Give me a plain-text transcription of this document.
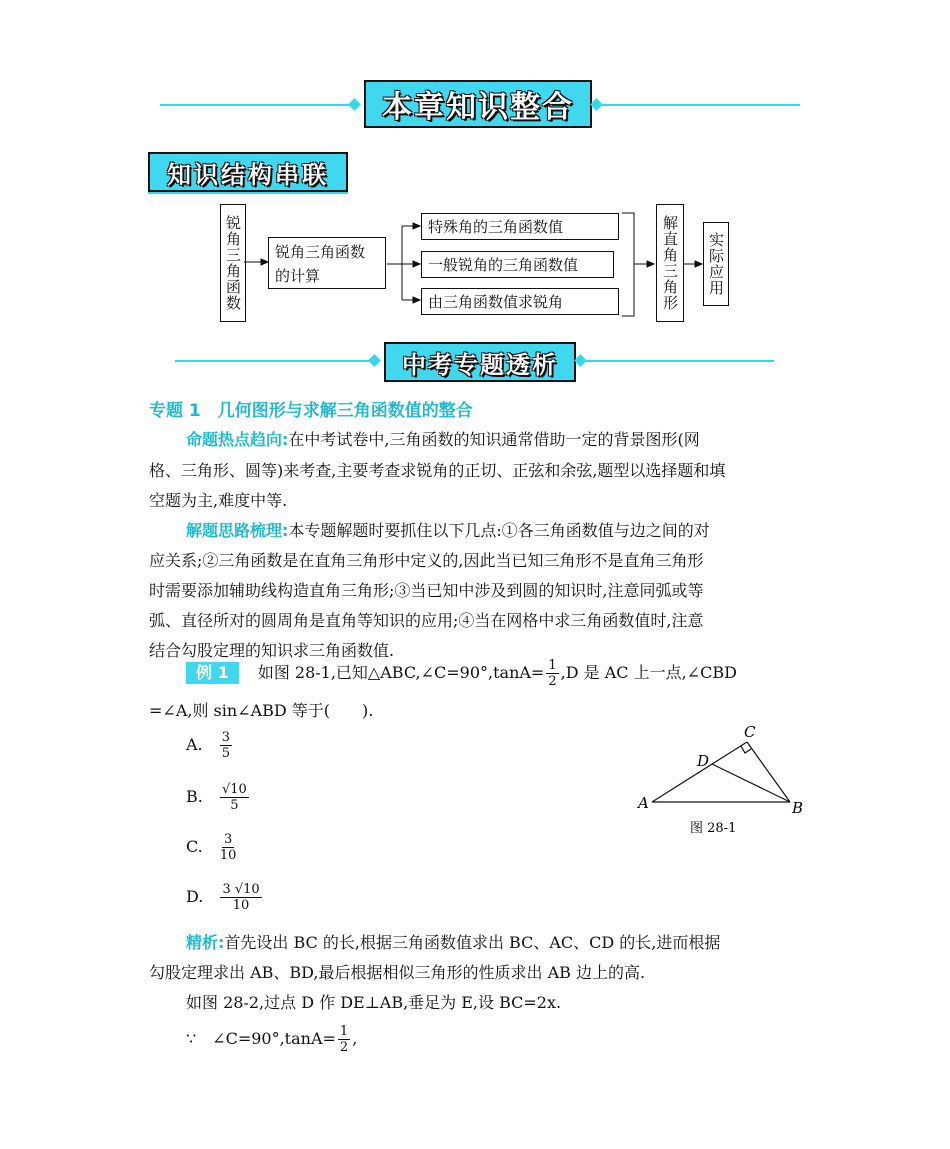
本章知识整合
知识结构串联
锐角三角函数 锐角三角函数
的计算
特殊角的三角函数值
一般锐角的三角函数值
由三角函数值求锐角	解直角三角形	实际应用
中考专题透析
专题 1　几何图形与求解三角函数值的整合
命题热点趋向:在中考试卷中,三角函数的知识通常借助一定的背景图形(网
格、三角形、圆等)来考查,主要考查求锐角的正切、正弦和余弦,题型以选择题和填
空题为主,难度中等.
解题思路梳理:本专题解题时要抓住以下几点:①各三角函数值与边之间的对
应关系;②三角函数是在直角三角形中定义的,因此当已知三角形不是直角三角形
时需要添加辅助线构造直角三角形;③当已知中涉及到圆的知识时,注意同弧或等
弧、直径所对的圆周角是直角等知识的应用;④当在网格中求三角函数值时,注意
结合勾股定理的知识求三角函数值.
例 1 如图 28-1,已知△ABC,∠C=90°,tanA= $\frac{1}{2} ,D$ 是 AC 上一点,∠CBD
=∠A,则 sin∠ABD 等于(　　).
A. $\frac{3}{5}$
B. $\frac{√10}{5}$
C. $\frac{3}{10}$
D. $\frac{3 √10}{10}$
A	B
C
D
图 28-1
精析:首先设出 BC 的长,根据三角函数值求出 BC、AC、CD 的长,进而根据
勾股定理求出 AB、BD,最后根据相似三角形的性质求出 AB 边上的高.
如图 28-2,过点 D 作 DE⊥AB,垂足为 E,设 BC=2x.
∵　∠C=90°,tanA= $\frac{1}{2}$ ,
